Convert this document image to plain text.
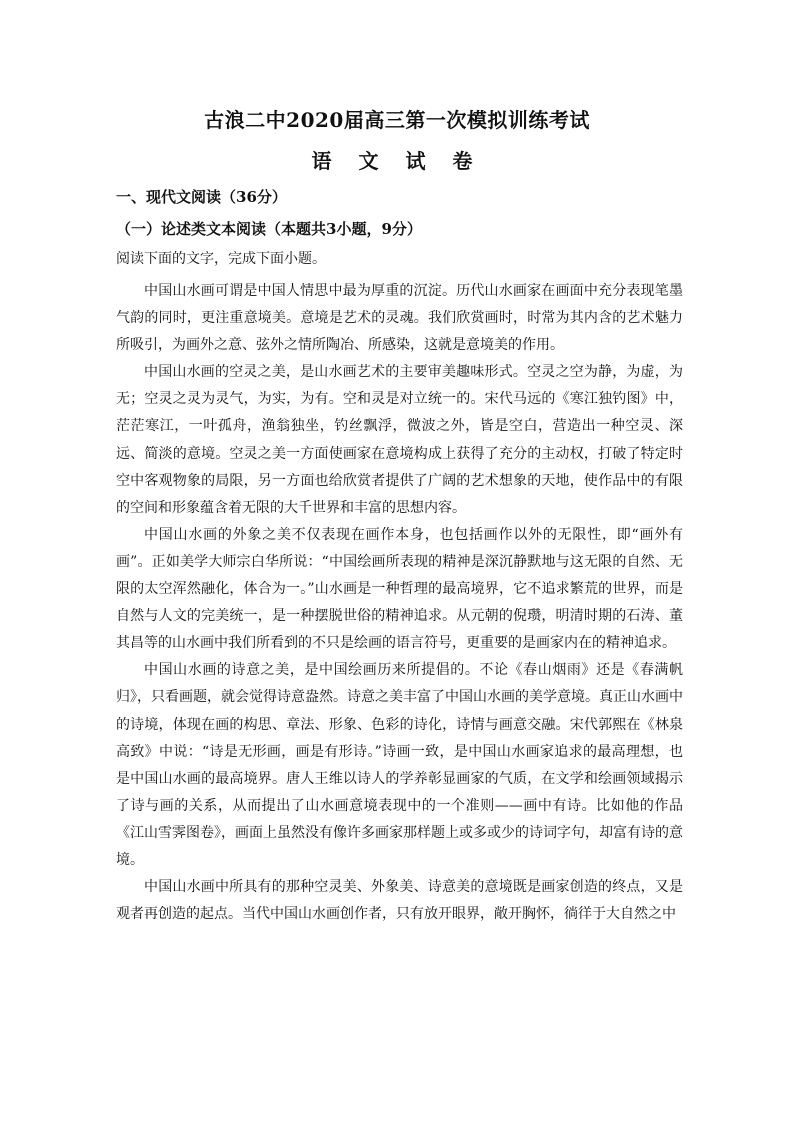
古浪二中2020届高三第一次模拟训练考试
语 文 试 卷
一、现代文阅读（36分）
（一）论述类文本阅读（本题共3小题，9分）
阅读下面的文字，完成下面小题。

中国山水画可谓是中国人情思中最为厚重的沉淀。历代山水画家在画面中充分表现笔墨气韵的同时，更注重意境美。意境是艺术的灵魂。我们欣赏画时，时常为其内含的艺术魅力所吸引，为画外之意、弦外之情所陶冶、所感染，这就是意境美的作用。

中国山水画的空灵之美，是山水画艺术的主要审美趣味形式。空灵之空为静，为虚，为无；空灵之灵为灵气，为实，为有。空和灵是对立统一的。宋代马远的《寒江独钓图》中，茫茫寒江，一叶孤舟，渔翁独坐，钓丝飘浮，微波之外，皆是空白，营造出一种空灵、深远、简淡的意境。空灵之美一方面使画家在意境构成上获得了充分的主动权，打破了特定时空中客观物象的局限，另一方面也给欣赏者提供了广阔的艺术想象的天地，使作品中的有限的空间和形象蕴含着无限的大千世界和丰富的思想内容。

中国山水画的外象之美不仅表现在画作本身，也包括画作以外的无限性，即“画外有画”。正如美学大师宗白华所说：“中国绘画所表现的精神是深沉静默地与这无限的自然、无限的太空浑然融化，体合为一。”山水画是一种哲理的最高境界，它不追求繁荒的世界，而是自然与人文的完美统一，是一种摆脱世俗的精神追求。从元朝的倪瓒，明清时期的石涛、董其昌等的山水画中我们所看到的不只是绘画的语言符号，更重要的是画家内在的精神追求。

中国山水画的诗意之美，是中国绘画历来所提倡的。不论《春山烟雨》还是《春满帆归》，只看画题，就会觉得诗意盎然。诗意之美丰富了中国山水画的美学意境。真正山水画中的诗境，体现在画的构思、章法、形象、色彩的诗化，诗情与画意交融。宋代郭熙在《林泉高致》中说：“诗是无形画，画是有形诗。”诗画一致，是中国山水画家追求的最高理想，也是中国山水画的最高境界。唐人王维以诗人的学养彰显画家的气质，在文学和绘画领域揭示了诗与画的关系，从而提出了山水画意境表现中的一个准则——画中有诗。比如他的作品《江山雪霁图卷》，画面上虽然没有像许多画家那样题上或多或少的诗词字句，却富有诗的意境。

中国山水画中所具有的那种空灵美、外象美、诗意美的意境既是画家创造的终点，又是观者再创造的起点。当代中国山水画创作者，只有放开眼界，敞开胸怀，徜徉于大自然之中
